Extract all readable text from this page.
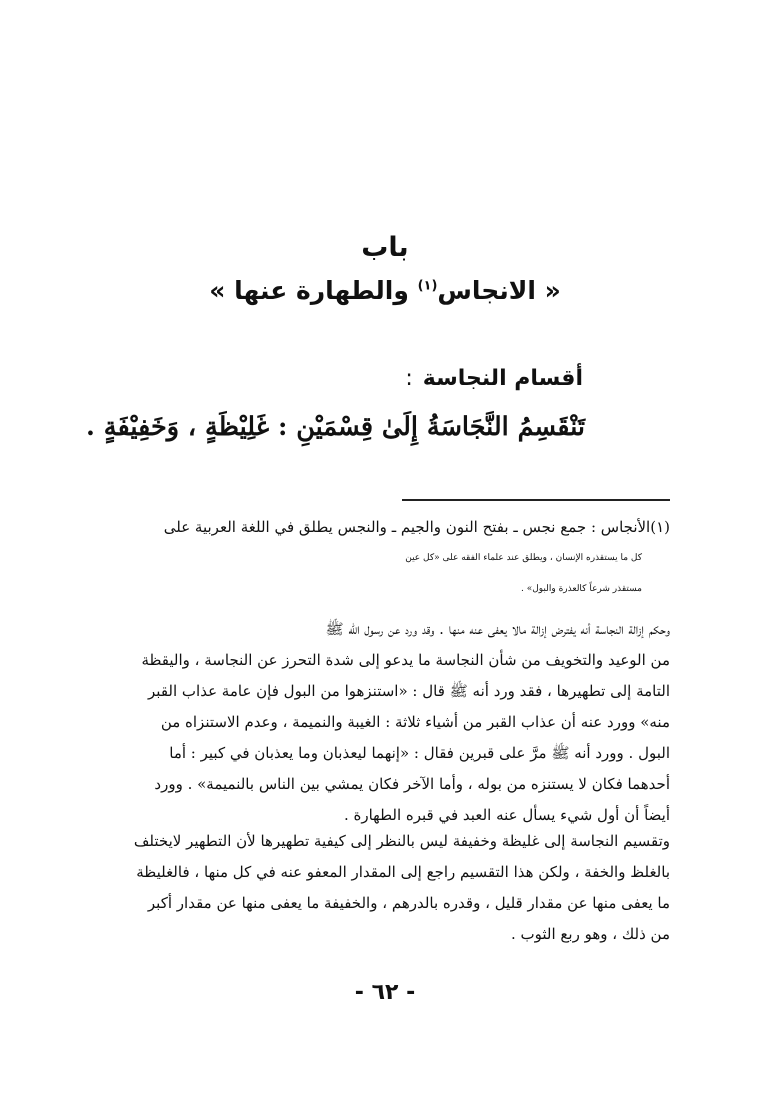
باب
« الانجاس$^{(١)}$ والطهارة عنها »
أقسام النجاسة:
تَنْقَسِمُ النَّجَاسَةُ إِلَىٰ قِسْمَيْنِ : غَلِيْظَةٍ ، وَخَفِيْفَةٍ .
(١)الأنجاس : جمع نجس ـ بفتح النون والجيم ـ والنجس يطلق في اللغة العربية على
كل ما يستقذره الإنسان ، ويطلق عند علماء الفقه على «كل عين
مستقذر شرعاً كالعذرة والبول» .
وحكم إزالة النجاسة أنه يفترض إزالة مالا يعفى عنه منها . وقد ورد عن رسول الله ﷺ
من الوعيد والتخويف من شأن النجاسة ما يدعو إلى شدة التحرز عن النجاسة ، واليقظة
التامة إلى تطهيرها ، فقد ورد أنه ﷺ قال : «استنزهوا من البول فإن عامة عذاب القبر
منه» وورد عنه أن عذاب القبر من أشياء ثلاثة : الغيبة والنميمة ، وعدم الاستنزاه من
البول . وورد أنه ﷺ مرَّ على قبرين فقال : «إنهما ليعذبان وما يعذبان في كبير : أما
أحدهما فكان لا يستنزه من بوله ، وأما الآخر فكان يمشي بين الناس بالنميمة» . وورد
أيضاً أن أول شيء يسأل عنه العبد في قبره الطهارة .
وتقسيم النجاسة إلى غليظة وخفيفة ليس بالنظر إلى كيفية تطهيرها لأن التطهير لايختلف
بالغلظ والخفة ، ولكن هذا التقسيم راجع إلى المقدار المعفو عنه في كل منها ، فالغليظة
ما يعفى منها عن مقدار قليل ، وقدره بالدرهم ، والخفيفة ما يعفى منها عن مقدار أكبر
من ذلك ، وهو ربع الثوب .
- ٦٢ -
